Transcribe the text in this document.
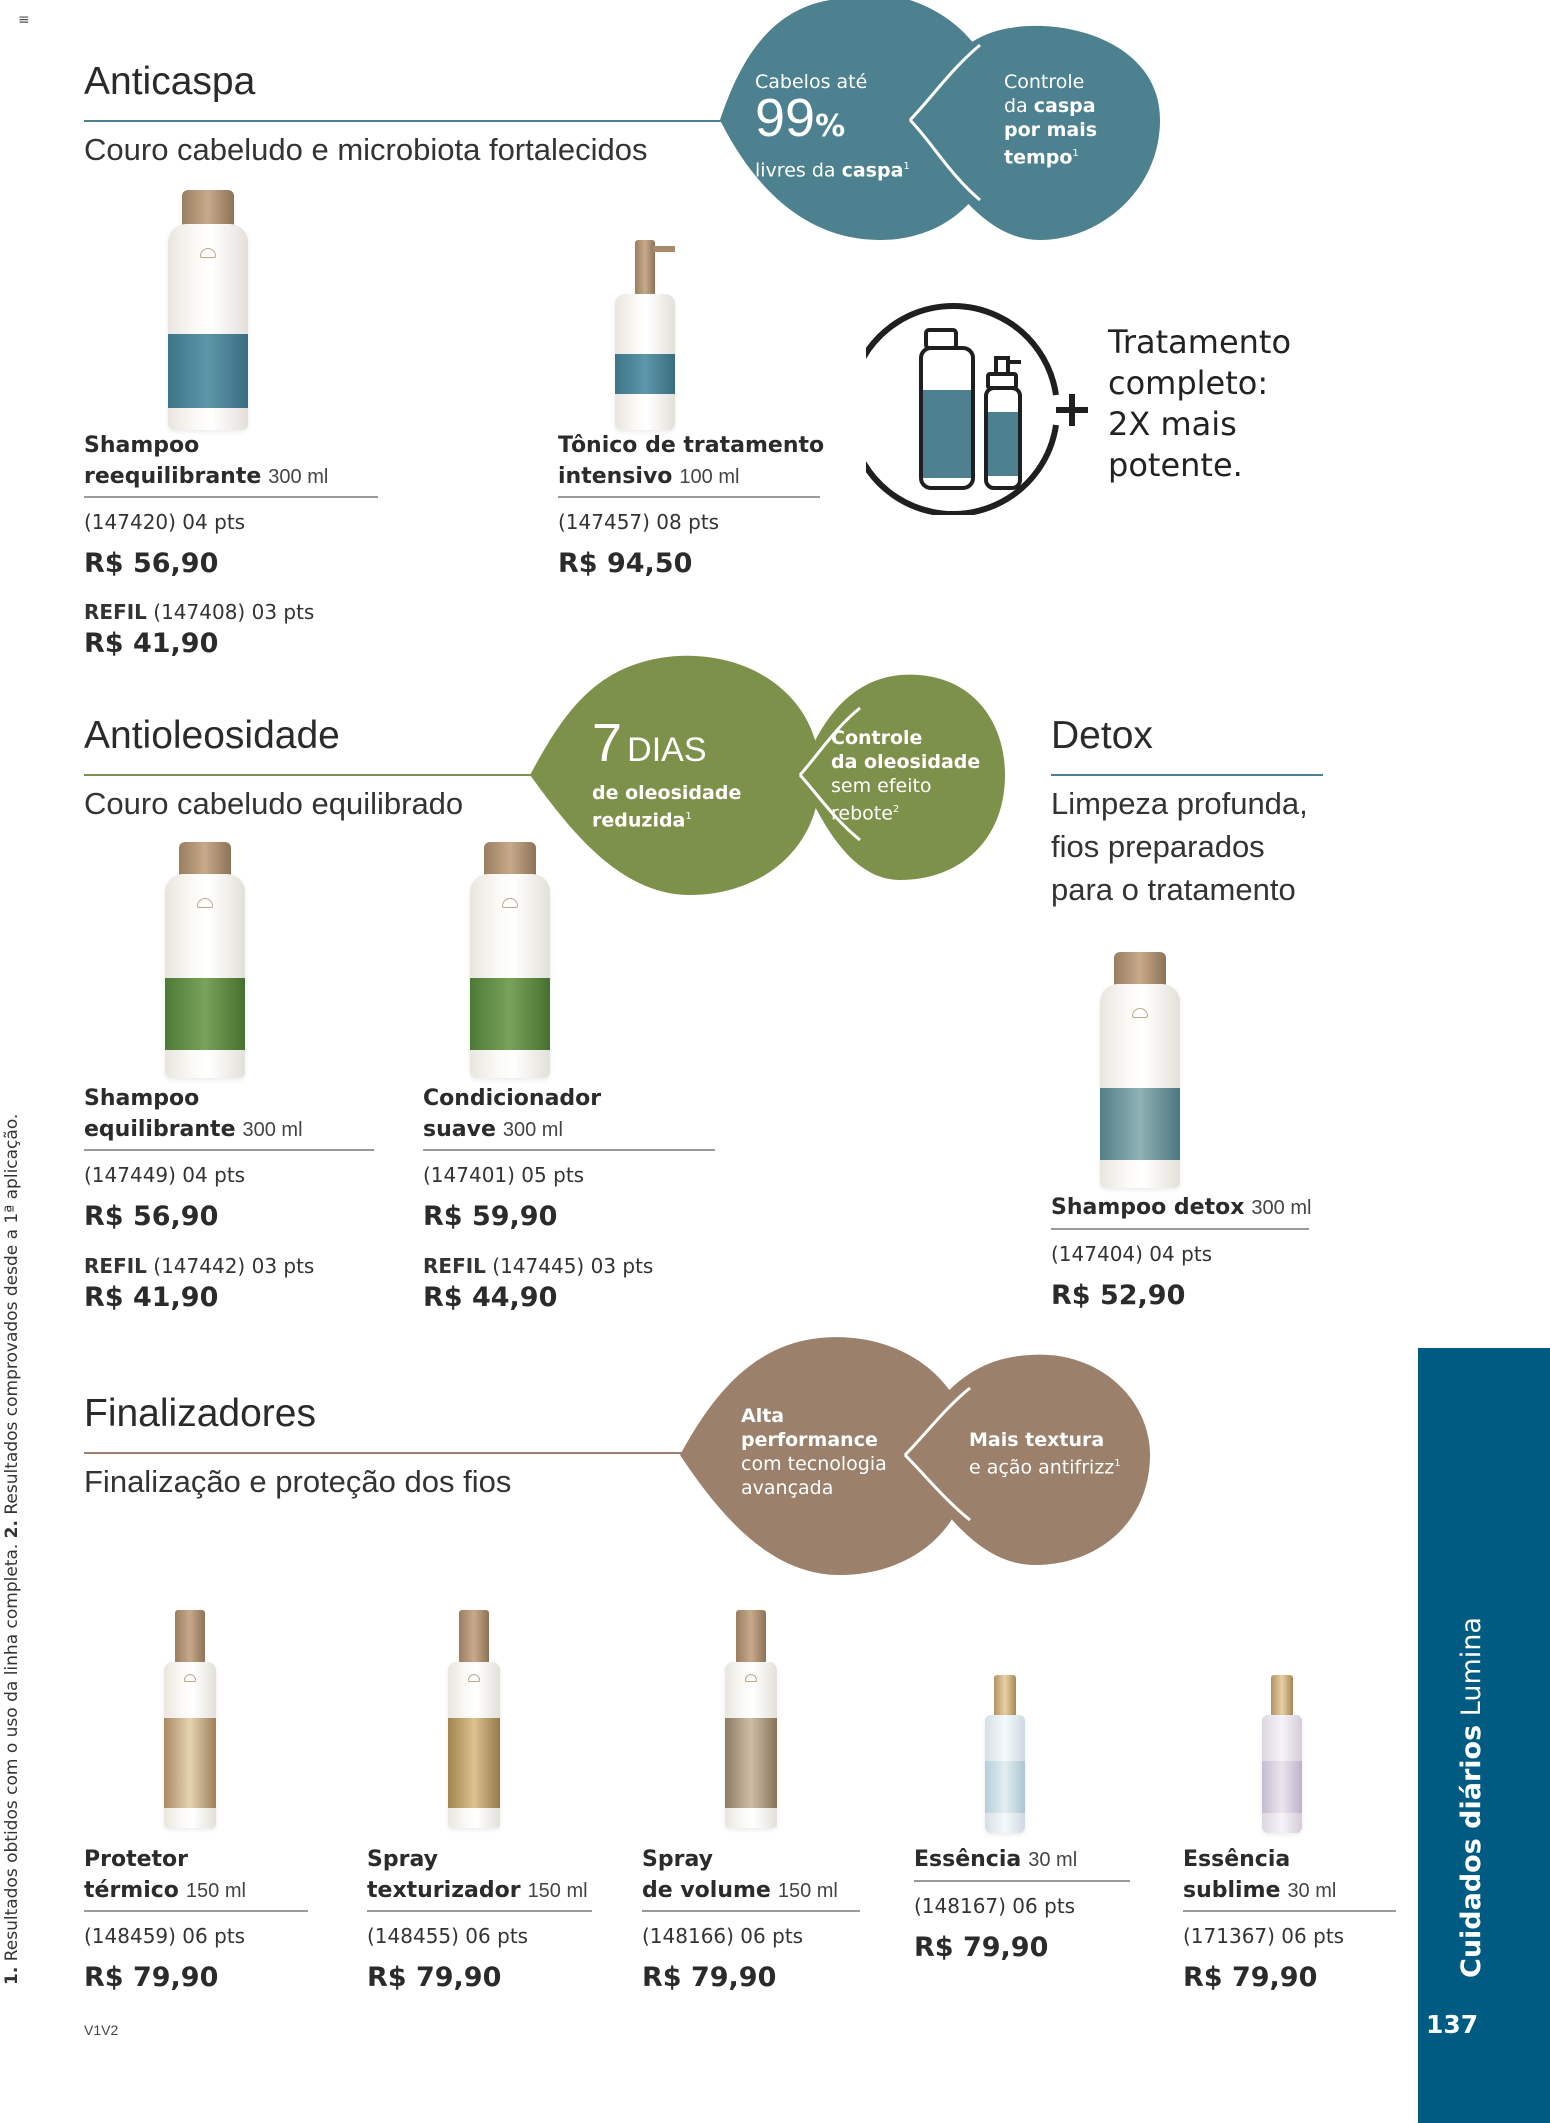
≡
Anticaspa
Couro cabeludo e microbiota fortalecidos
Cabelos até
99%
livres da caspa$^1$
Controle
da caspa
por mais
tempo$^1$
Tratamento
completo:
2X mais
potente.
Shampoo
reequilibrante 300 ml
(147420) 04 pts
R$ 56,90
REFIL (147408) 03 pts
R$ 41,90
Tônico de tratamento
intensivo 100 ml
(147457) 08 pts
R$ 94,50
Antioleosidade
Couro cabeludo equilibrado
7 DIAS
de oleosidade
reduzida$^1$
Controle
da oleosidade
sem efeito
rebote$^2$
Shampoo
equilibrante 300 ml
(147449) 04 pts
R$ 56,90
REFIL (147442) 03 pts
R$ 41,90
Condicionador
suave 300 ml
(147401) 05 pts
R$ 59,90
REFIL (147445) 03 pts
R$ 44,90
Detox
Limpeza profunda,
fios preparados
para o tratamento
Shampoo detox 300 ml
(147404) 04 pts
R$ 52,90
Finalizadores
Finalização e proteção dos fios
Alta
performance
com tecnologia
avançada
Mais textura
e ação antifrizz$^1$
Protetor
térmico 150 ml
(148459) 06 pts
R$ 79,90
Spray
texturizador 150 ml
(148455) 06 pts
R$ 79,90
Spray
de volume 150 ml
(148166) 06 pts
R$ 79,90
Essência 30 ml
(148167) 06 pts
R$ 79,90
Essência
sublime 30 ml
(171367) 06 pts
R$ 79,90
V1V2
Cuidados diários Lumina
137
1. Resultados obtidos com o uso da linha completa. 2. Resultados comprovados desde a 1ª aplicação.
